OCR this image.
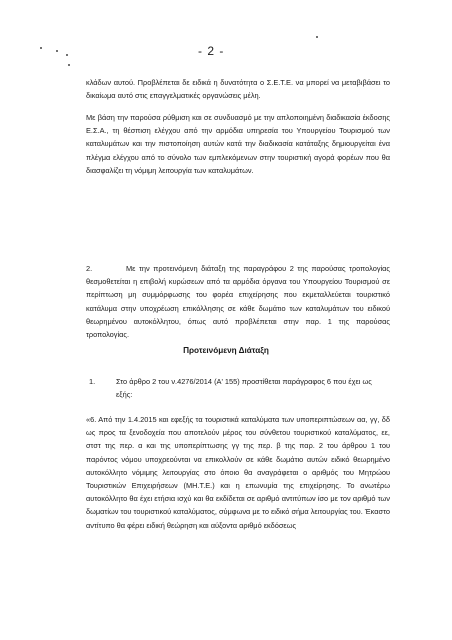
- 2 -

κλάδων αυτού. Προβλέπεται δε ειδικά η δυνατότητα ο Σ.Ε.Τ.Ε. να μπορεί να μεταβιβάσει το δικαίωμα αυτό στις επαγγελματικές οργανώσεις μέλη.

Με βάση την παρούσα ρύθμιση και σε συνδυασμό με την απλοποιημένη διαδικασία έκδοσης Ε.Σ.Α., τη θέσπιση ελέγχου από την αρμόδια υπηρεσία του Υπουργείου Τουρισμού των καταλυμάτων και την πιστοποίηση αυτών κατά την διαδικασία κατάταξης δημιουργείται ένα πλέγμα ελέγχου από το σύνολο των εμπλεκόμενων στην τουριστική αγορά φορέων που θα διασφαλίζει τη νόμιμη λειτουργία των καταλυμάτων.

2.	Με την προτεινόμενη διάταξη της παραγράφου 2 της παρούσας τροπολογίας θεσμοθετείται η επιβολή κυρώσεων από τα αρμόδια όργανα του Υπουργείου Τουρισμού σε περίπτωση μη συμμόρφωσης του φορέα επιχείρησης που εκμεταλλεύεται τουριστικό κατάλυμα στην υποχρέωση επικόλλησης σε κάθε δωμάτιο των καταλυμάτων του ειδικού θεωρημένου αυτοκόλλητου, όπως αυτό προβλέπεται στην παρ. 1 της παρούσας τροπολογίας.

Προτεινόμενη Διάταξη
1.	Στο άρθρο 2 του ν.4276/2014 (Α' 155) προστίθεται παράγραφος 6 που έχει ως εξής:

«6. Από την 1.4.2015 και εφεξής τα τουριστικά καταλύματα των υποπεριπτώσεων αα, γγ, δδ ως προς τα ξενοδοχεία που αποτελούν μέρος του σύνθετου τουριστικού καταλύματος, εε, στστ της περ. α και της υποπερίπτωσης γγ της περ. β της παρ. 2 του άρθρου 1 του παρόντος νόμου υποχρεούνται να επικολλούν σε κάθε δωμάτιο αυτών ειδικό θεωρημένο αυτοκόλλητο νόμιμης λειτουργίας στο όποιο θα αναγράφεται ο αριθμός του Μητρώου Τουριστικών Επιχειρήσεων (ΜΗ.Τ.Ε.) και η επωνυμία της επιχείρησης. Το ανωτέρω αυτοκόλλητο θα έχει ετήσια ισχύ και θα εκδίδεται σε αριθμό αντιτύπων ίσο με τον αριθμό των δωματίων του τουριστικού καταλύματος, σύμφωνα με το ειδικό σήμα λειτουργίας του. Έκαστο αντίτυπο θα φέρει ειδική θεώρηση και αύξοντα αριθμό εκδόσεως
